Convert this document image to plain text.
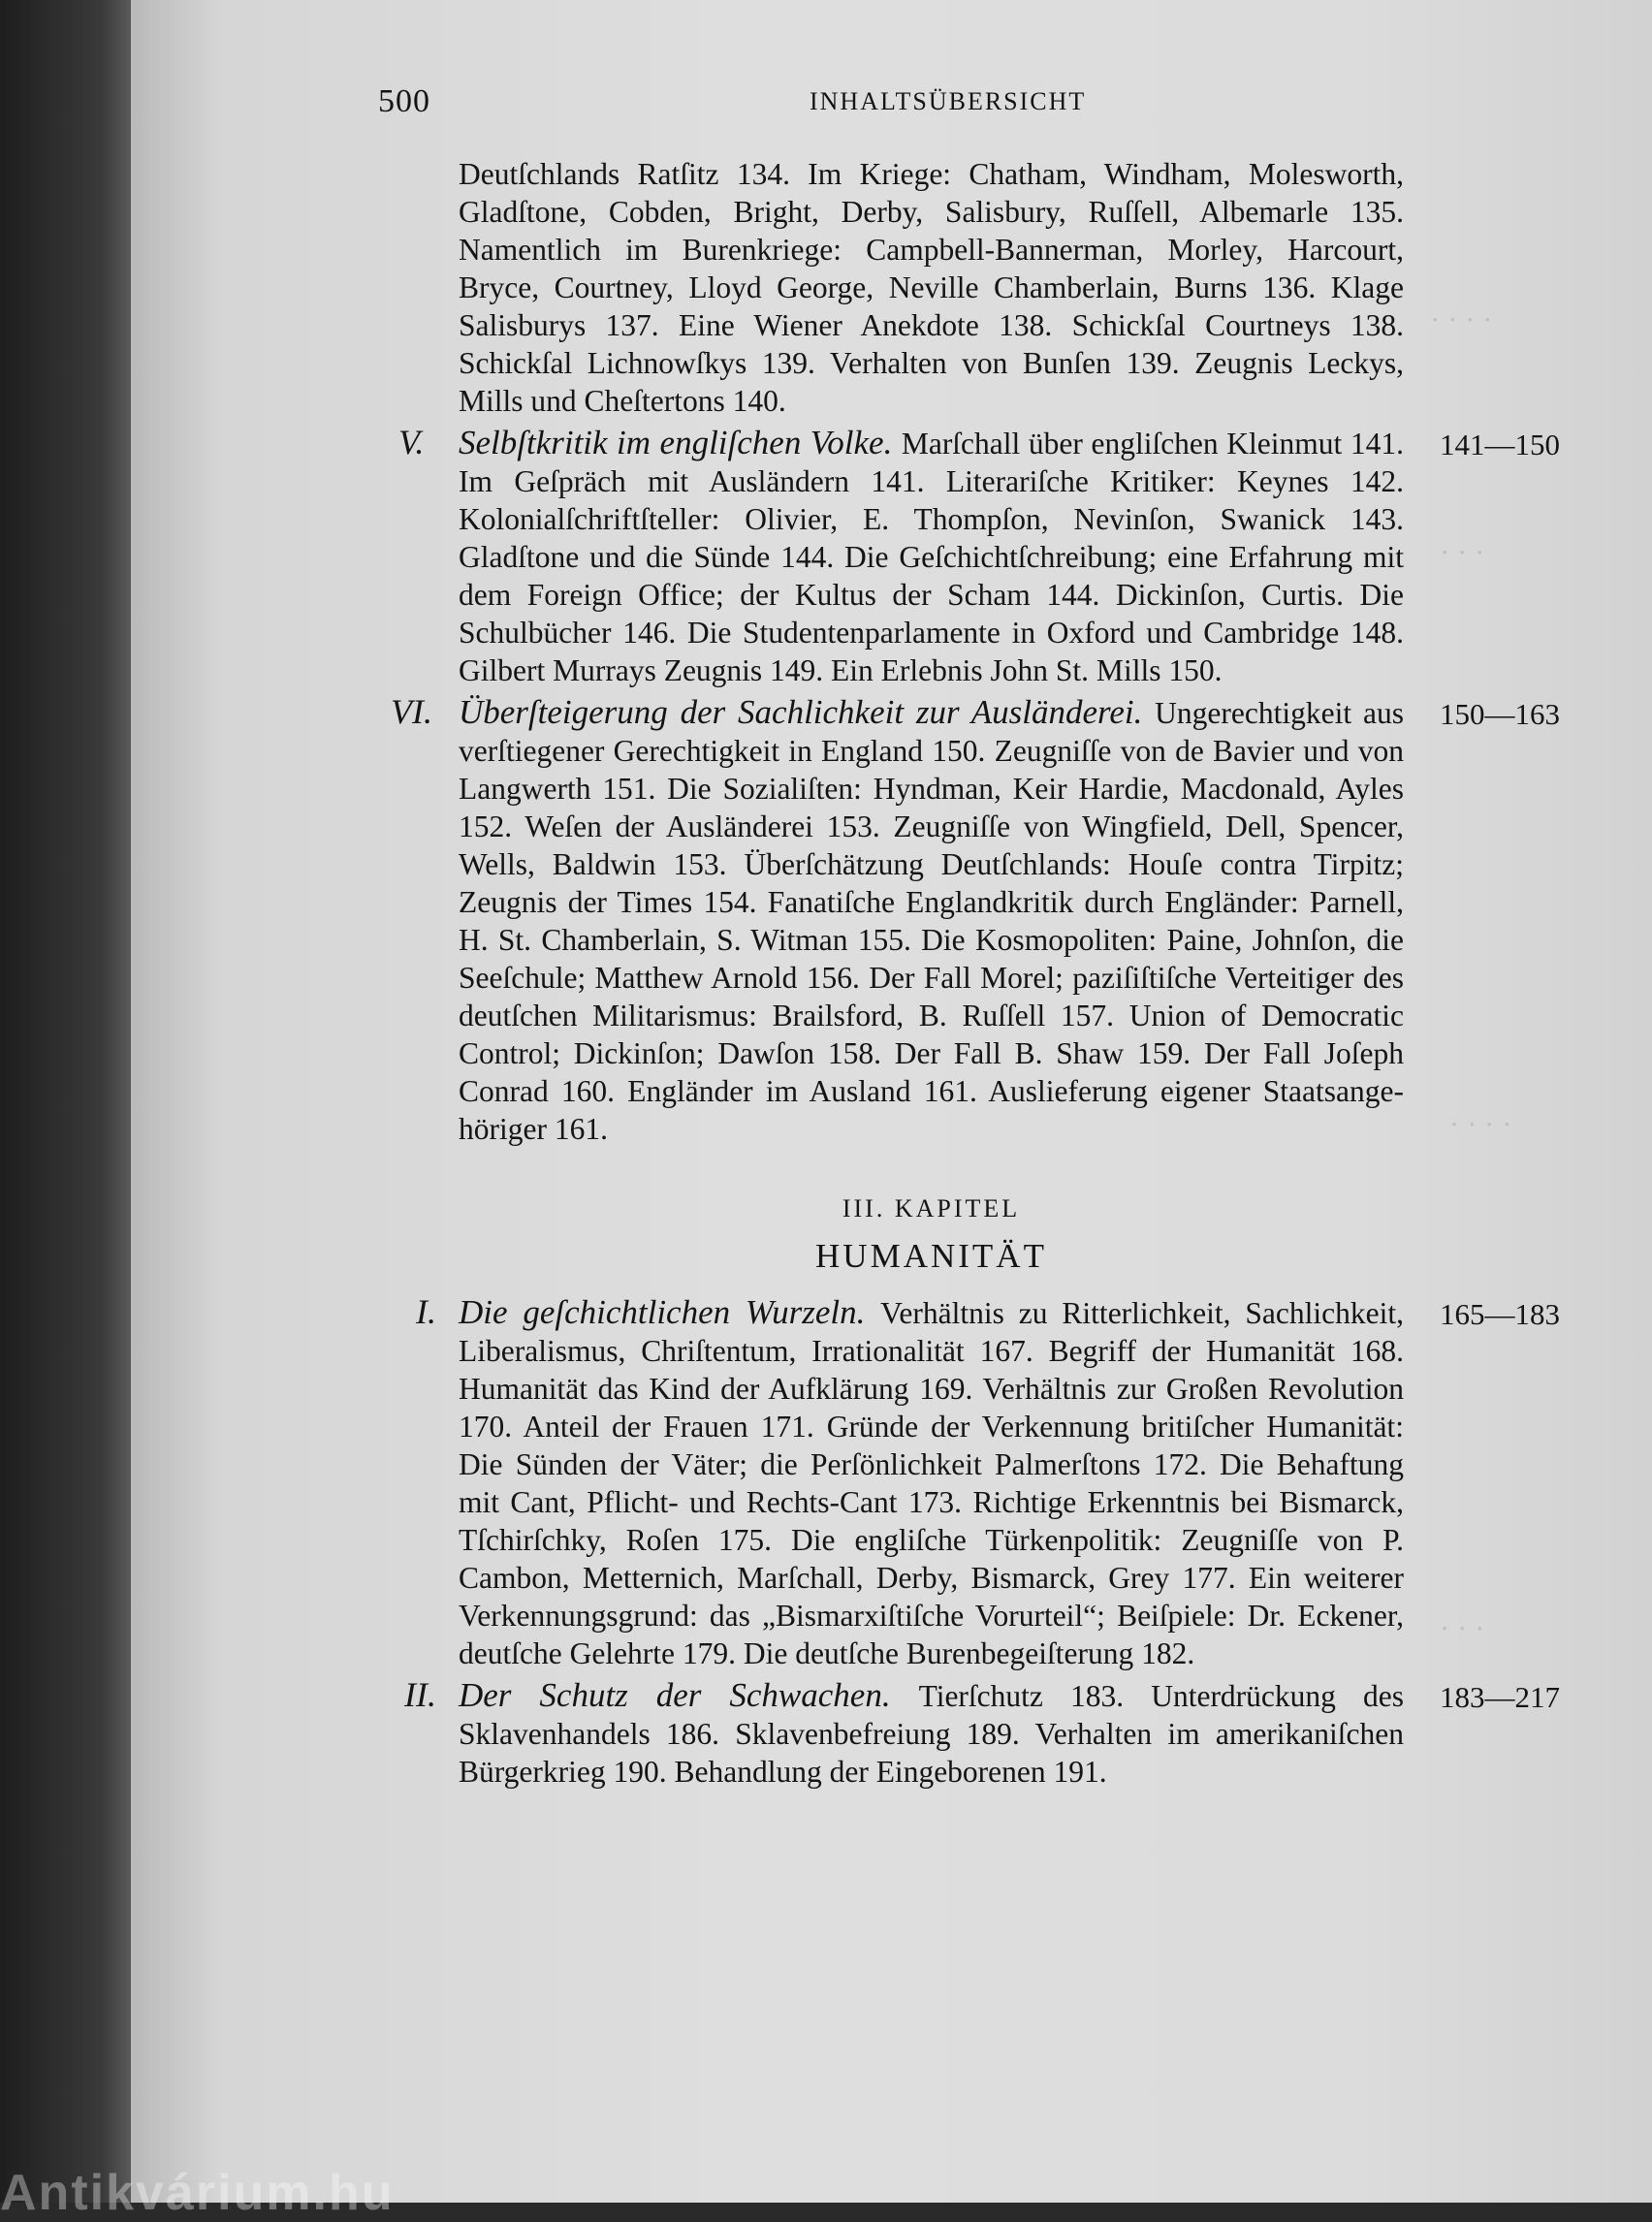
· · · ·
· · ·
· · · ·
· · ·
500	INHALTSÜBERSICHT
Deutſchlands Ratſitz 134. Im Kriege: Chatham, Windham, Molesworth, Gladſtone, Cobden, Bright, Derby, Salisbury, Ruſſell, Albemarle 135. Namentlich im Burenkriege: Campbell-Bannerman, Morley, Harcourt, Bryce, Courtney, Lloyd George, Neville Chamberlain, Burns 136. Klage Salisburys 137. Eine Wiener Anekdote 138. Schickſal Courtneys 138. Schickſal Lichnowſkys 139. Verhalten von Bunſen 139. Zeugnis Leckys, Mills und Cheſtertons 140.
V. Selbſtkritik im engliſchen Volke. Marſchall über engliſchen Kleinmut 141. Im Geſpräch mit Ausländern 141. Literariſche Kritiker: Keynes 142. Kolonialſchriftſteller: Olivier, E. Thompſon, Nevinſon, Swanick 143. Gladſtone und die Sünde 144. Die Geſchichtſchreibung; eine Erfahrung mit dem Foreign Office; der Kultus der Scham 144. Dickinſon, Curtis. Die Schulbücher 146. Die Studentenparlamente in Oxford und Cambridge 148. Gilbert Murrays Zeugnis 149. Ein Erlebnis John St. Mills 150.
141—150
VI. Überſteigerung der Sachlichkeit zur Ausländerei. Ungerechtigkeit aus verſtiegener Gerechtigkeit in England 150. Zeugniſſe von de Bavier und von Langwerth 151. Die Sozialiſten: Hyndman, Keir Hardie, Macdonald, Ayles 152. Weſen der Ausländerei 153. Zeugniſſe von Wingfield, Dell, Spencer, Wells, Baldwin 153. Überſchätzung Deutſchlands: Houſe contra Tirpitz; Zeugnis der Times 154. Fanatiſche Englandkritik durch Engländer: Parnell, H. St. Chamberlain, S. Witman 155. Die Kosmopoliten: Paine, Johnſon, die Seeſchule; Matthew Arnold 156. Der Fall Morel; paziſiſtiſche Verteitiger des deutſchen Militarismus: Brailsford, B. Ruſſell 157. Union of Democratic Control; Dickinſon; Dawſon 158. Der Fall B. Shaw 159. Der Fall Joſeph Conrad 160. Engländer im Ausland 161. Auslieferung eigener Staatsangehöriger 161.
150—163
III. KAPITEL
HUMANITÄT
I. Die geſchichtlichen Wurzeln. Verhältnis zu Ritterlichkeit, Sachlichkeit, Liberalismus, Chriſtentum, Irrationalität 167. Begriff der Humanität 168. Humanität das Kind der Aufklärung 169. Verhältnis zur Großen Revolution 170. Anteil der Frauen 171. Gründe der Verkennung britiſcher Humanität: Die Sünden der Väter; die Perſönlichkeit Palmerſtons 172. Die Behaftung mit Cant, Pflicht- und Rechts-Cant 173. Richtige Erkenntnis bei Bismarck, Tſchirſchky, Roſen 175. Die engliſche Türkenpolitik: Zeugniſſe von P. Cambon, Metternich, Marſchall, Derby, Bismarck, Grey 177. Ein weiterer Verkennungsgrund: das „Bismarxiſtiſche Vorurteil“; Beiſpiele: Dr. Eckener, deutſche Gelehrte 179. Die deutſche Burenbegeiſterung 182.
165—183
II. Der Schutz der Schwachen. Tierſchutz 183. Unterdrückung des Sklavenhandels 186. Sklavenbefreiung 189. Verhalten im amerikaniſchen Bürgerkrieg 190. Behandlung der Eingeborenen 191.
183—217
Antikvárium.hu
